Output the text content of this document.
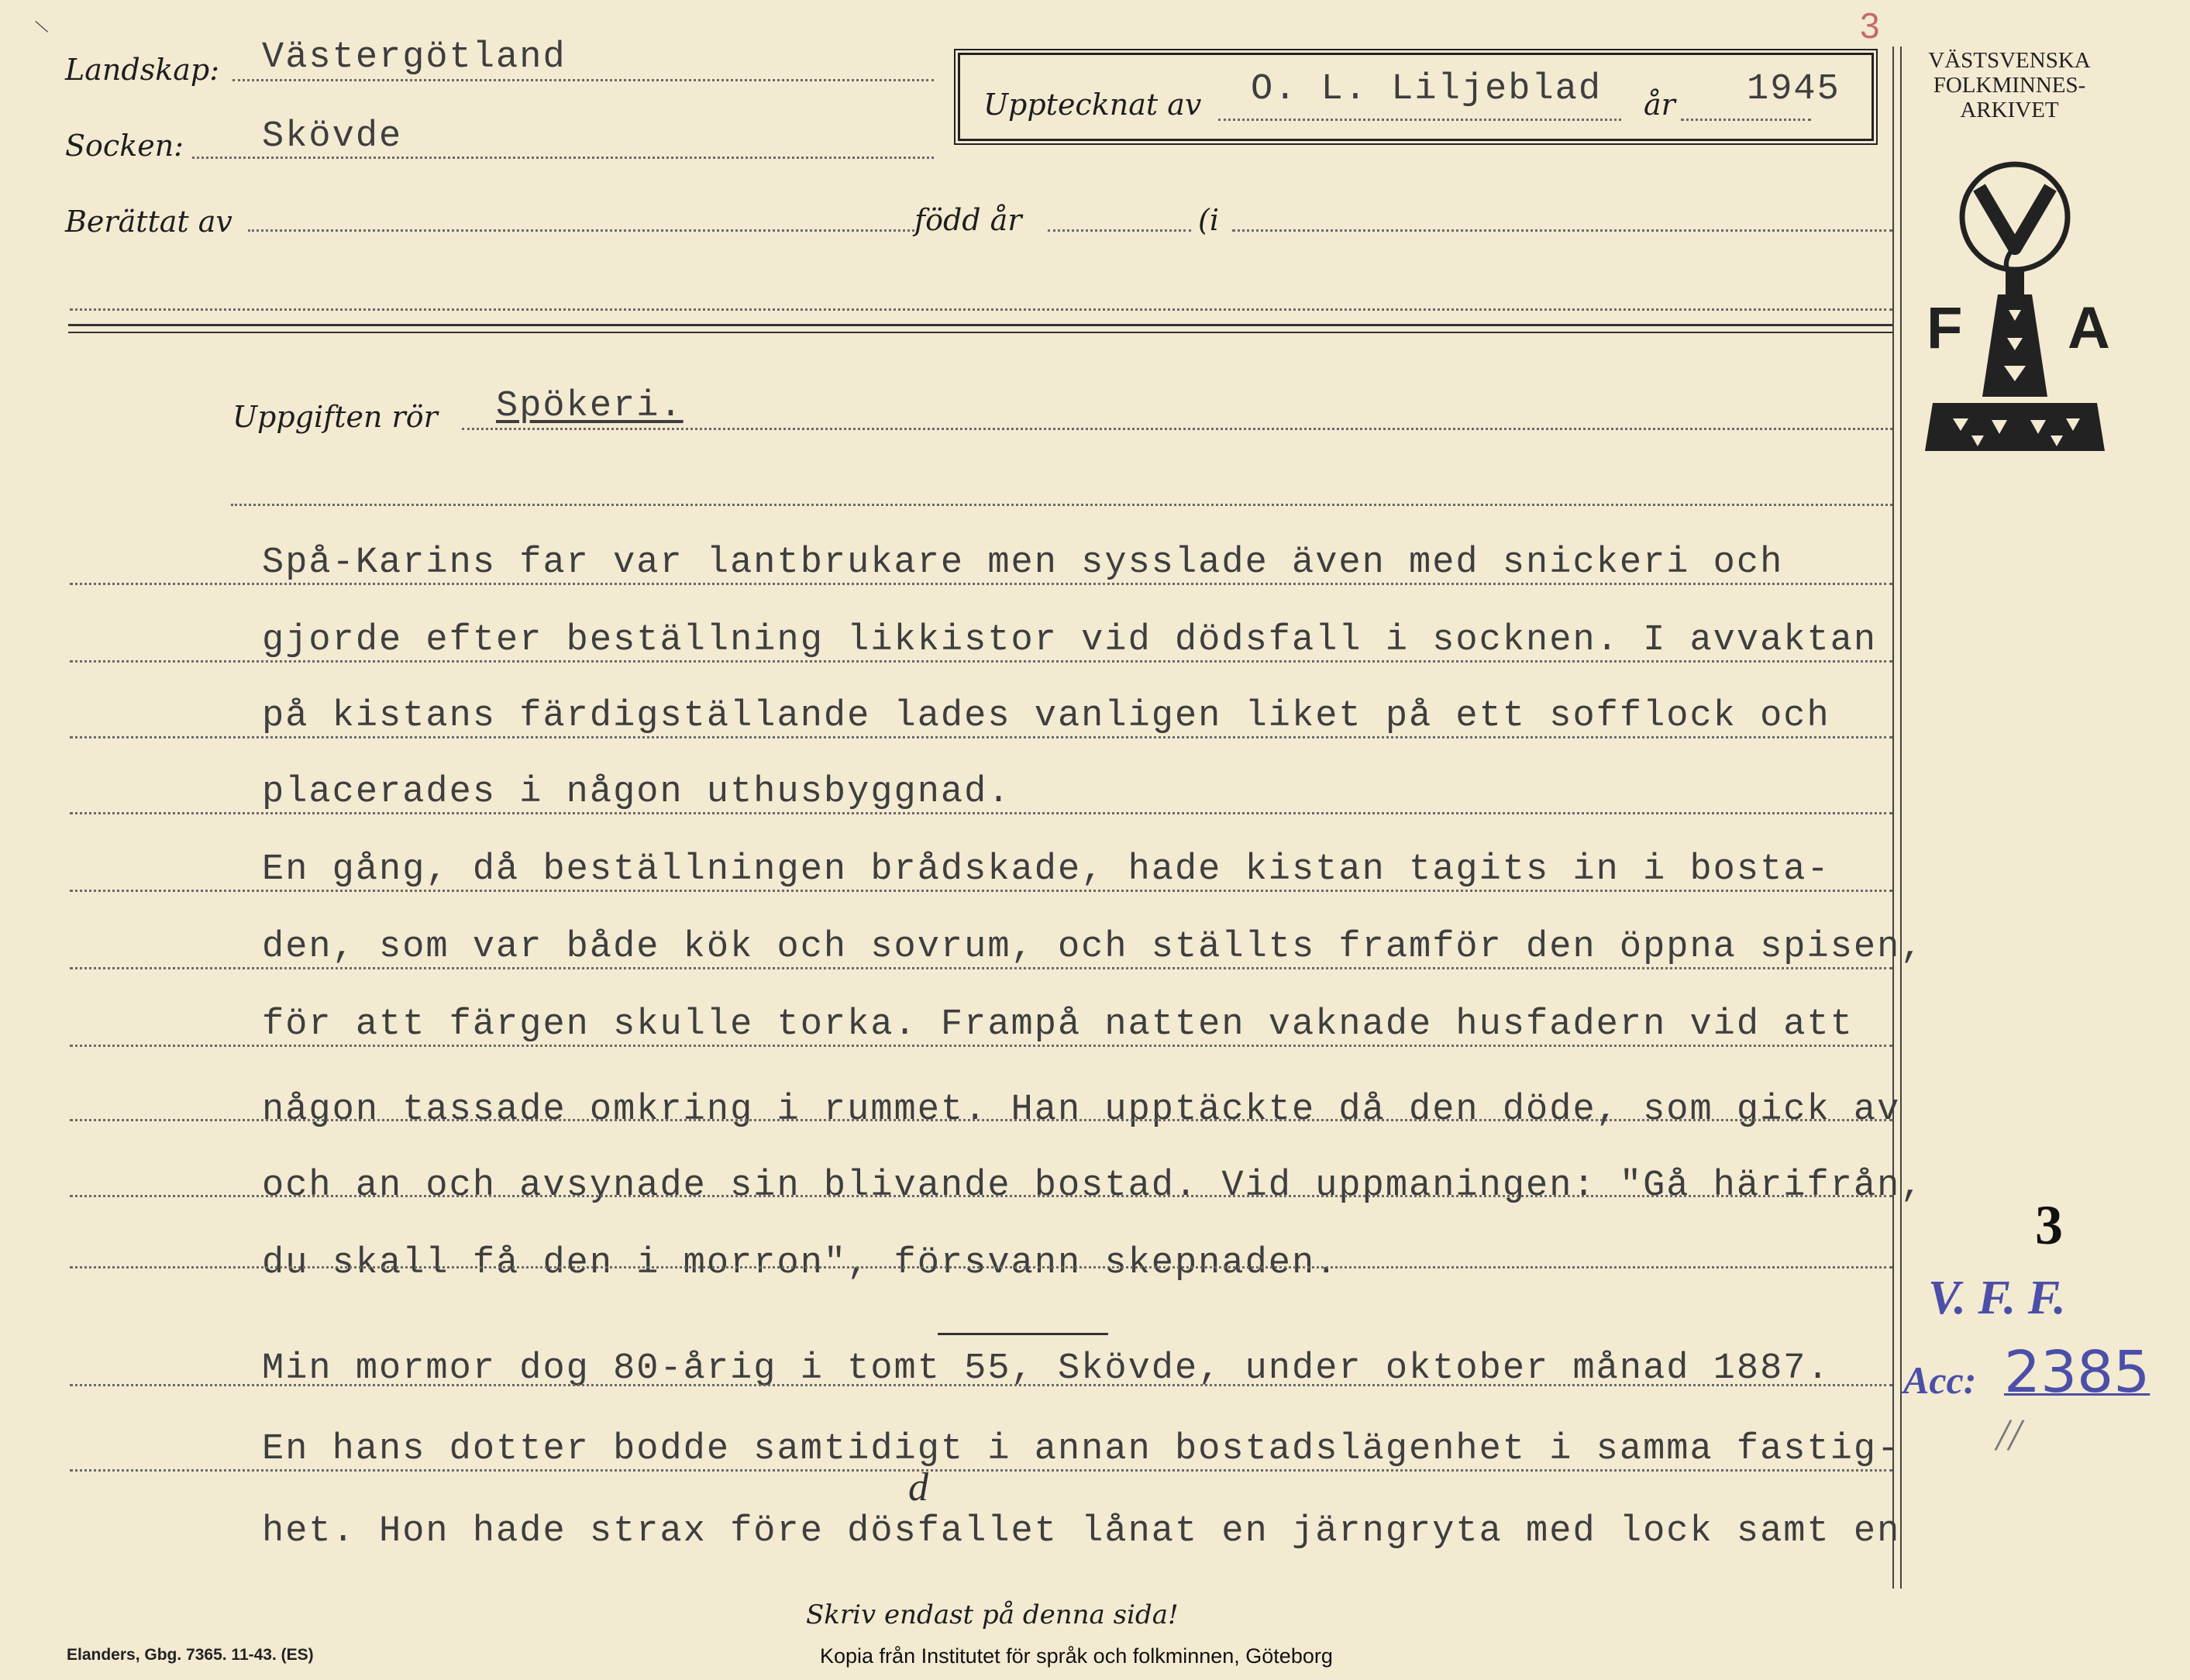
\	3
Landskap: Västergötland
Socken: Skövde
Berättat av	född år	(i
Upptecknat av O. L. Liljeblad år 1945
VÄSTSVENSKA
FOLKMINNES-
ARKIVET
F A
Uppgiften rör Spökeri.
Spå-Karins far var lantbrukare men sysslade även med snickeri och
gjorde efter beställning likkistor vid dödsfall i socknen. I avvaktan
på kistans färdigställande lades vanligen liket på ett sofflock och
placerades i någon uthusbyggnad.
En gång, då beställningen brådskade, hade kistan tagits in i bosta-
den, som var både kök och sovrum, och ställts framför den öppna spisen,
för att färgen skulle torka. Frampå natten vaknade husfadern vid att
någon tassade omkring i rummet. Han upptäckte då den döde, som gick av
och an och avsynade sin blivande bostad. Vid uppmaningen: "Gå härifrån,
du skall få den i morron", försvann skepnaden.
Min mormor dog 80-årig i tomt 55, Skövde, under oktober månad 1887.
En hans dotter bodde samtidigt i annan bostadslägenhet i samma fastig-
het. Hon hade strax före dösfallet lånat en järngryta med lock samt en
d
3
V. F. F.
Acc: 2385
//
Skriv endast på denna sida!
Elanders, Gbg. 7365. 11-43. (ES)	Kopia från Institutet för språk och folkminnen, Göteborg
